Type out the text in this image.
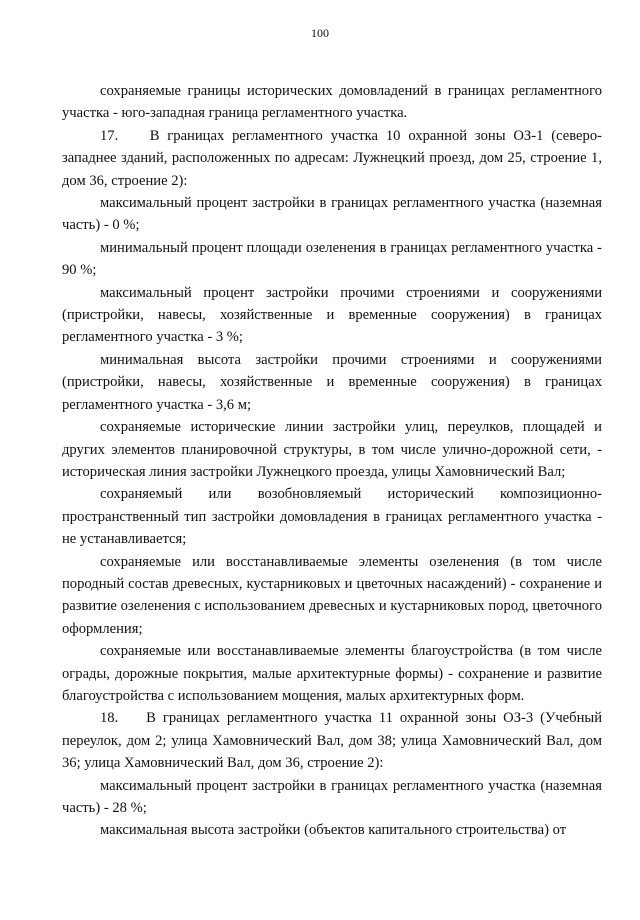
100

сохраняемые границы исторических домовладений в границах регламентного участка - юго-западная граница регламентного участка.

17.    В границах регламентного участка 10 охранной зоны ОЗ-1 (северо-западнее зданий, расположенных по адресам: Лужнецкий проезд, дом 25, строение 1, дом 36, строение 2):

максимальный процент застройки в границах регламентного участка (наземная часть) - 0 %;

минимальный процент площади озеленения в границах регламентного участка - 90 %;

максимальный процент застройки прочими строениями и сооружениями (пристройки, навесы, хозяйственные и временные сооружения) в границах регламентного участка - 3 %;

минимальная высота застройки прочими строениями и сооружениями (пристройки, навесы, хозяйственные и временные сооружения) в границах регламентного участка - 3,6 м;

сохраняемые исторические линии застройки улиц, переулков, площадей и других элементов планировочной структуры, в том числе улично-дорожной сети, - историческая линия застройки Лужнецкого проезда, улицы Хамовнический Вал;

сохраняемый или возобновляемый исторический композиционно-пространственный тип застройки домовладения в границах регламентного участка - не устанавливается;

сохраняемые или восстанавливаемые элементы озеленения (в том числе породный состав древесных, кустарниковых и цветочных насаждений) - сохранение и развитие озеленения с использованием древесных и кустарниковых пород, цветочного оформления;

сохраняемые или восстанавливаемые элементы благоустройства (в том числе ограды, дорожные покрытия, малые архитектурные формы) - сохранение и развитие благоустройства с использованием мощения, малых архитектурных форм.

18.    В границах регламентного участка 11 охранной зоны ОЗ-3 (Учебный переулок, дом 2; улица Хамовнический Вал, дом 38; улица Хамовнический Вал, дом 36; улица Хамовнический Вал, дом 36, строение 2):

максимальный процент застройки в границах регламентного участка (наземная часть) - 28 %;

максимальная высота застройки (объектов капитального строительства) от
